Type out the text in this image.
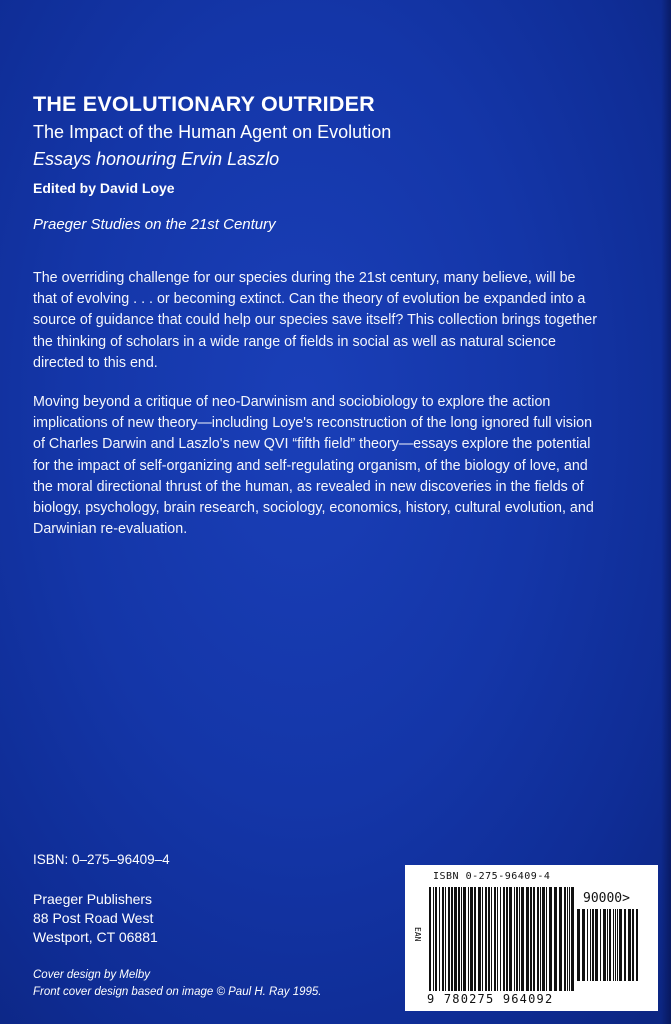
THE EVOLUTIONARY OUTRIDER

The Impact of the Human Agent on Evolution

Essays honouring Ervin Laszlo

Edited by David Loye

Praeger Studies on the 21st Century

The overriding challenge for our species during the 21st century, many believe, will be that of evolving . . . or becoming extinct. Can the theory of evolution be expanded into a source of guidance that could help our species save itself? This collection brings together the thinking of scholars in a wide range of fields in social as well as natural science directed to this end.

Moving beyond a critique of neo-Darwinism and sociobiology to explore the action implications of new theory—including Loye's reconstruction of the long ignored full vision of Charles Darwin and Laszlo's new QVI “fifth field” theory—essays explore the potential for the impact of self-organizing and self-regulating organism, of the biology of love, and the moral directional thrust of the human, as revealed in new discoveries in the fields of biology, psychology, brain research, sociology, economics, history, cultural evolution, and Darwinian re-evaluation.

ISBN: 0–275–96409–4

Praeger Publishers
88 Post Road West
Westport, CT 06881
Cover design by Melby
Front cover design based on image © Paul H. Ray 1995.
ISBN 0-275-96409-4
90000>
EAN
9 780275 964092
